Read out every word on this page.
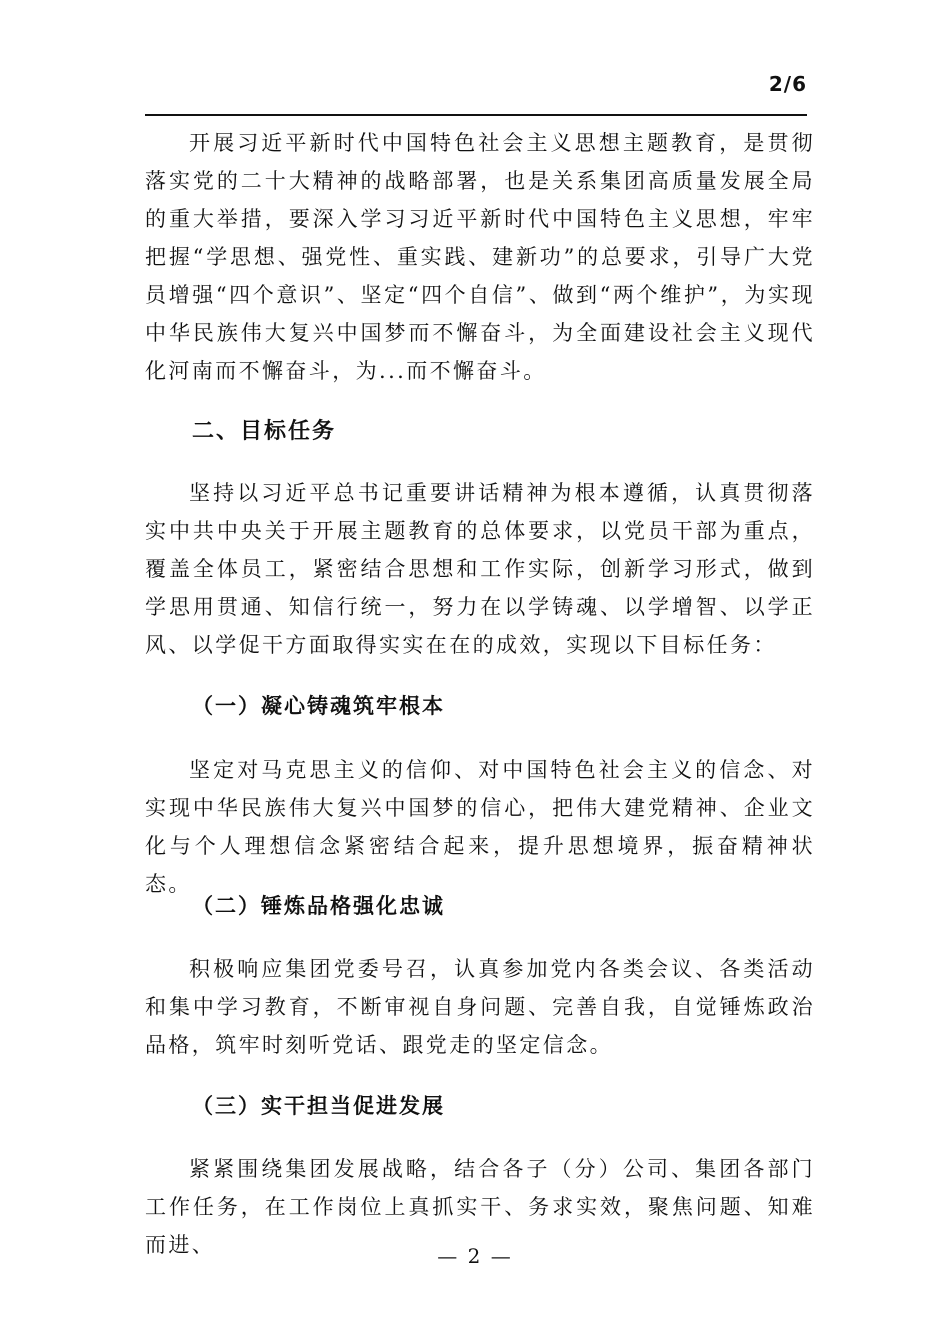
2/6

开展习近平新时代中国特色社会主义思想主题教育，是贯彻落实党的二十大精神的战略部署，也是关系集团高质量发展全局的重大举措，要深入学习习近平新时代中国特色主义思想，牢牢把握“学思想、强党性、重实践、建新功”的总要求，引导广大党员增强“四个意识”、坚定“四个自信”、做到“两个维护”，为实现中华民族伟大复兴中国梦而不懈奋斗，为全面建设社会主义现代化河南而不懈奋斗，为...而不懈奋斗。

二、目标任务

坚持以习近平总书记重要讲话精神为根本遵循，认真贯彻落实中共中央关于开展主题教育的总体要求，以党员干部为重点，覆盖全体员工，紧密结合思想和工作实际，创新学习形式，做到学思用贯通、知信行统一，努力在以学铸魂、以学增智、以学正风、以学促干方面取得实实在在的成效，实现以下目标任务：

（一）凝心铸魂筑牢根本

坚定对马克思主义的信仰、对中国特色社会主义的信念、对实现中华民族伟大复兴中国梦的信心，把伟大建党精神、企业文化与个人理想信念紧密结合起来，提升思想境界，振奋精神状态。

（二）锤炼品格强化忠诚

积极响应集团党委号召，认真参加党内各类会议、各类活动和集中学习教育，不断审视自身问题、完善自我，自觉锤炼政治品格，筑牢时刻听党话、跟党走的坚定信念。

（三）实干担当促进发展

紧紧围绕集团发展战略，结合各子（分）公司、集团各部门工作任务，在工作岗位上真抓实干、务求实效，聚焦问题、知难而进、	— 2 —
